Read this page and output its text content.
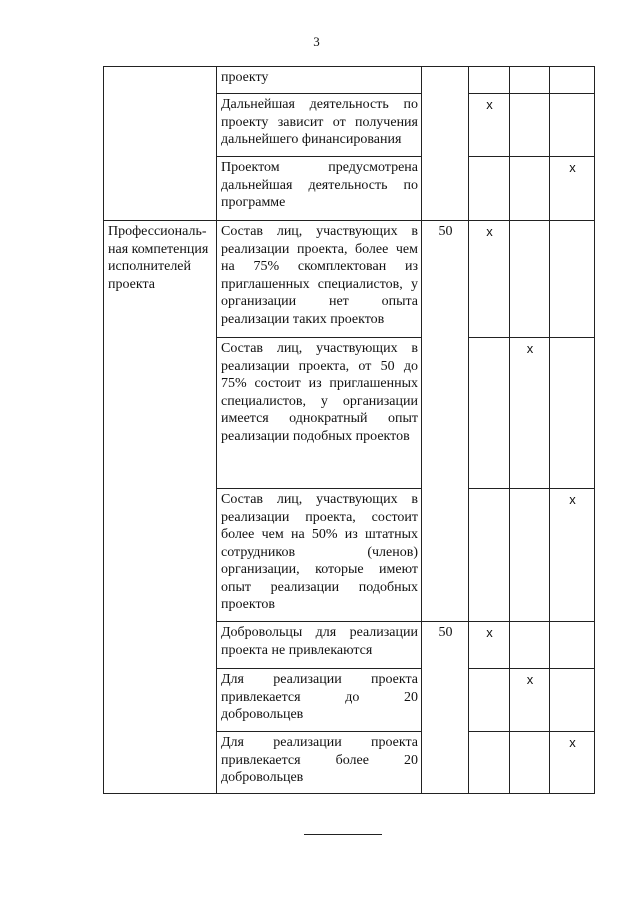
3
	проекту				
	Дальнейшая деятельность по проекту зависит от получения дальнейшего финансирования		х		
	Проектом предусмотрена дальнейшая деятельность по программе				х
Профессиональ-ная компетенция исполнителей проекта	Состав лиц, участвующих в реализации проекта, более чем на 75% скомплектован из приглашенных специалистов, у организации нет опыта реализации таких проектов	50	х		
	Состав лиц, участвующих в реализации проекта, от 50 до 75% состоит из приглашенных специалистов, у организации имеется однократный опыт реализации подобных проектов			х	
	Состав лиц, участвующих в реализации проекта, состоит более чем на 50% из штатных сотрудников (членов) организации, которые имеют опыт реализации подобных проектов				х
	Добровольцы для реализации проекта не привлекаются	50	х		
	Для реализации проекта привлекается до 20 добровольцев			х	
	Для реализации проекта привлекается более 20 добровольцев				х
